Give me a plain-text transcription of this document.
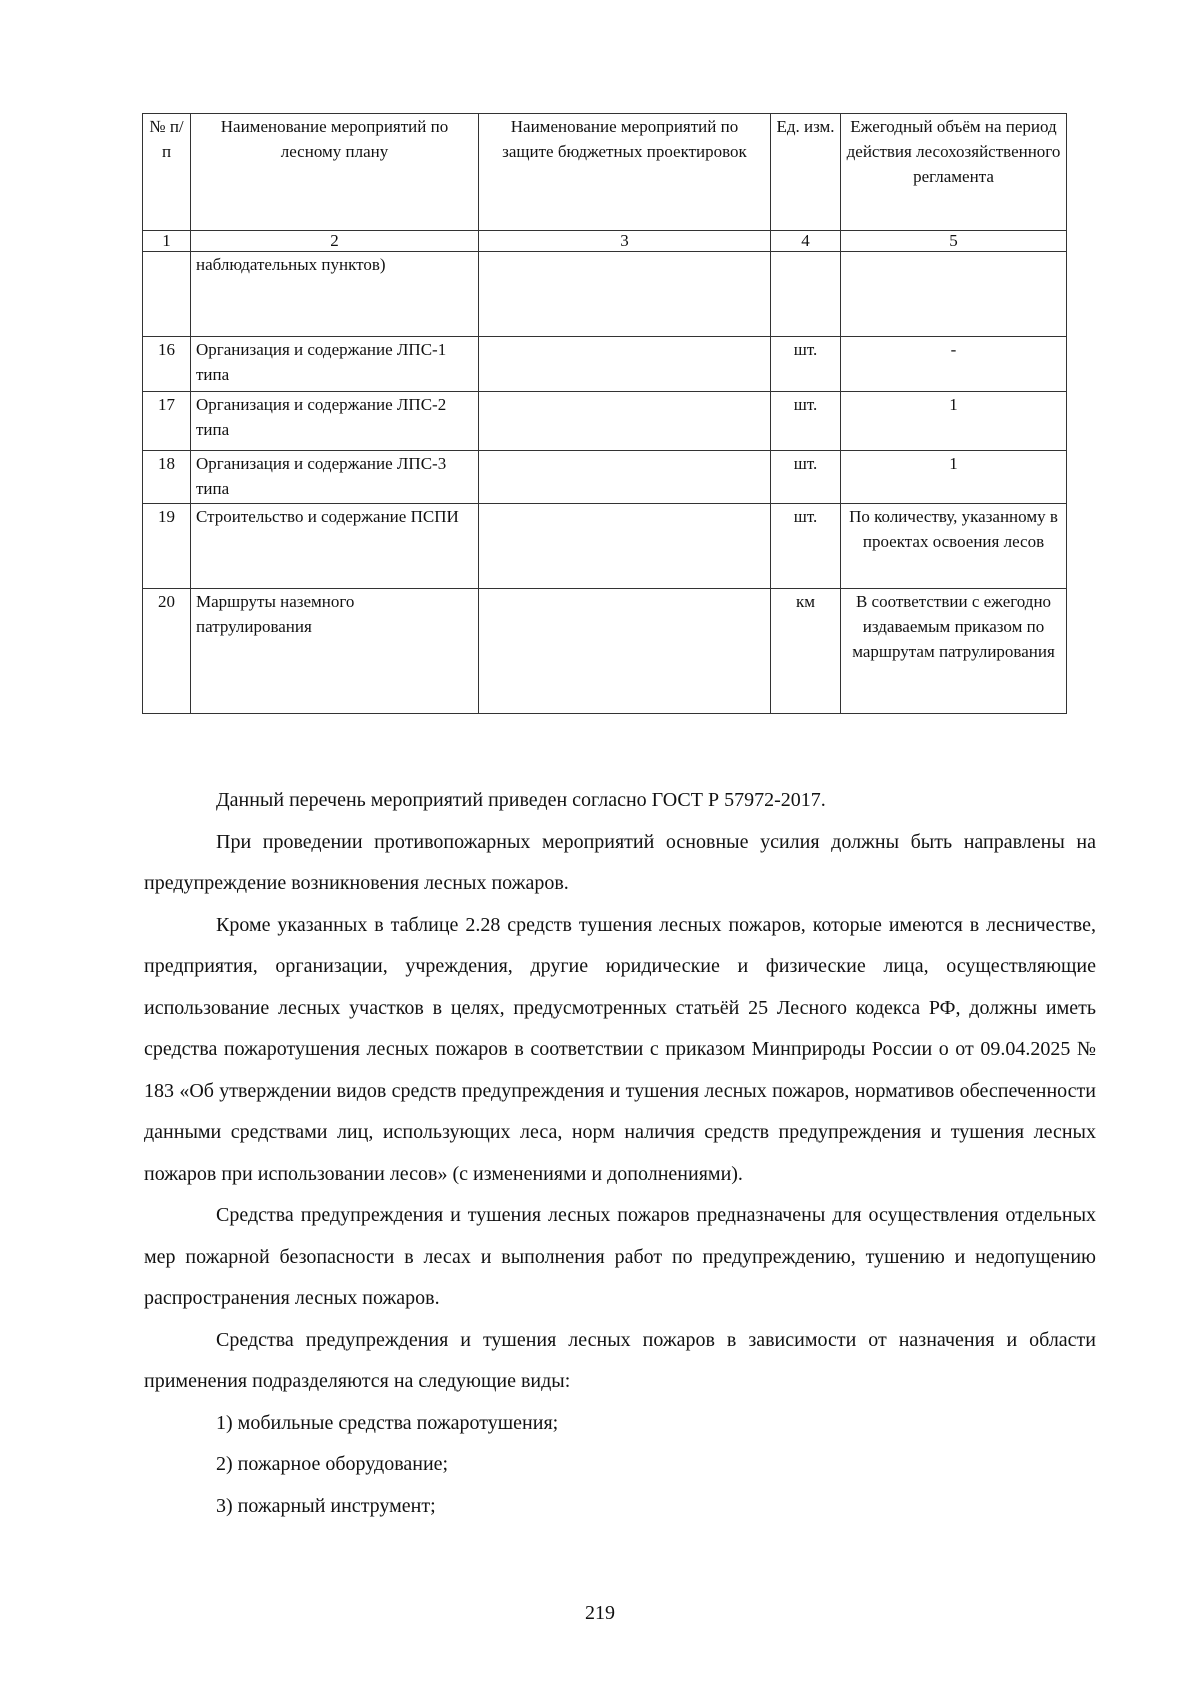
№ п/п	Наименование мероприятий по лесному плану	Наименование мероприятий по защите бюджетных проектировок	Ед. изм.	Ежегодный объём на период действия лесохозяйственного регламента
1	2	3	4	5
	наблюдательных пунктов)			
16	Организация и содержание ЛПС-1 типа		шт.	-
17	Организация и содержание ЛПС-2 типа		шт.	1
18	Организация и содержание ЛПС-3 типа		шт.	1
19	Строительство и содержание ПСПИ		шт.	По количеству, указанному в проектах освоения лесов
20	Маршруты наземного патрулирования		км	В соответствии с ежегодно издаваемым приказом по маршрутам патрулирования

Данный перечень мероприятий приведен согласно ГОСТ Р 57972-2017.

При проведении противопожарных мероприятий основные усилия должны быть направлены на предупреждение возникновения лесных пожаров.

Кроме указанных в таблице 2.28 средств тушения лесных пожаров, которые имеются в лесничестве, предприятия, организации, учреждения, другие юридические и физические лица, осуществляющие использование лесных участков в целях, предусмотренных статьёй 25 Лесного кодекса РФ, должны иметь средства пожаротушения лесных пожаров в соответствии с приказом Минприроды России о от 09.04.2025 № 183 «Об утверждении видов средств предупреждения и тушения лесных пожаров, нормативов обеспеченности данными средствами лиц, использующих леса, норм наличия средств предупреждения и тушения лесных пожаров при использовании лесов» (с изменениями и дополнениями).

Средства предупреждения и тушения лесных пожаров предназначены для осуществления отдельных мер пожарной безопасности в лесах и выполнения работ по предупреждению, тушению и недопущению распространения лесных пожаров.

Средства предупреждения и тушения лесных пожаров в зависимости от назначения и области применения подразделяются на следующие виды:

1) мобильные средства пожаротушения;

2) пожарное оборудование;

3) пожарный инструмент;

219
